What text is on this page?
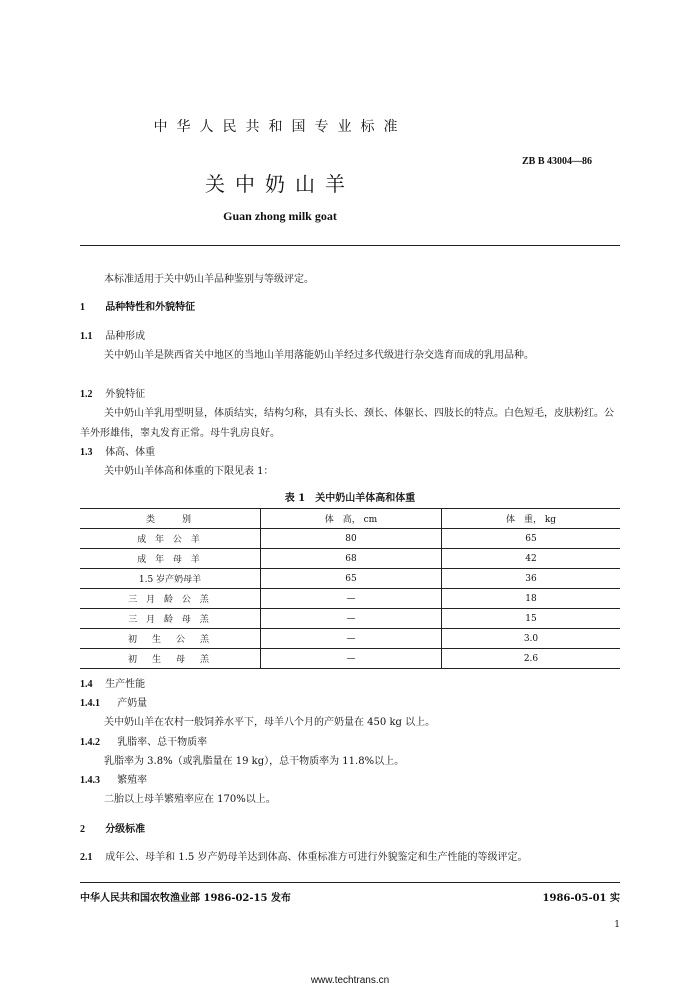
中华人民共和国专业标准
ZB B 43004—86
关中奶山羊
Guan zhong milk goat
本标准适用于关中奶山羊品种鉴别与等级评定。
1 品种特性和外貌特征
1.1 品种形成
关中奶山羊是陕西省关中地区的当地山羊用落能奶山羊经过多代级进行杂交选育而成的乳用品种。
1.2 外貌特征
关中奶山羊乳用型明显，体质结实，结构匀称，具有头长、颈长、体躯长、四肢长的特点。白色短毛，皮肤粉红。公羊外形雄伟，睾丸发育正常。母牛乳房良好。
1.3 体高、体重
关中奶山羊体高和体重的下限见表 1：
表 1　关中奶山羊体高和体重
类　　别	体　高， cm	体　重， kg
成 年 公 羊	80	65
成 年 母 羊	68	42
1.5 岁产奶母羊	65	36
三 月 龄 公 羔	—	18
三 月 龄 母 羔	—	15
初　生　公　羔	—	3.0
初　生　母　羔	—	2.6
1.4 生产性能
1.4.1 产奶量
关中奶山羊在农村一般饲养水平下，母羊八个月的产奶量在 450 kg 以上。
1.4.2 乳脂率、总干物质率
乳脂率为 3.8%（或乳脂量在 19 kg），总干物质率为 11.8%以上。
1.4.3 繁殖率
二胎以上母羊繁殖率应在 170%以上。
2 分级标准
2.1 成年公、母羊和 1.5 岁产奶母羊达到体高、体重标准方可进行外貌鉴定和生产性能的等级评定。
中华人民共和国农牧渔业部 1986-02-15 发布	1986-05-01 实
1
www.techtrans.cn
